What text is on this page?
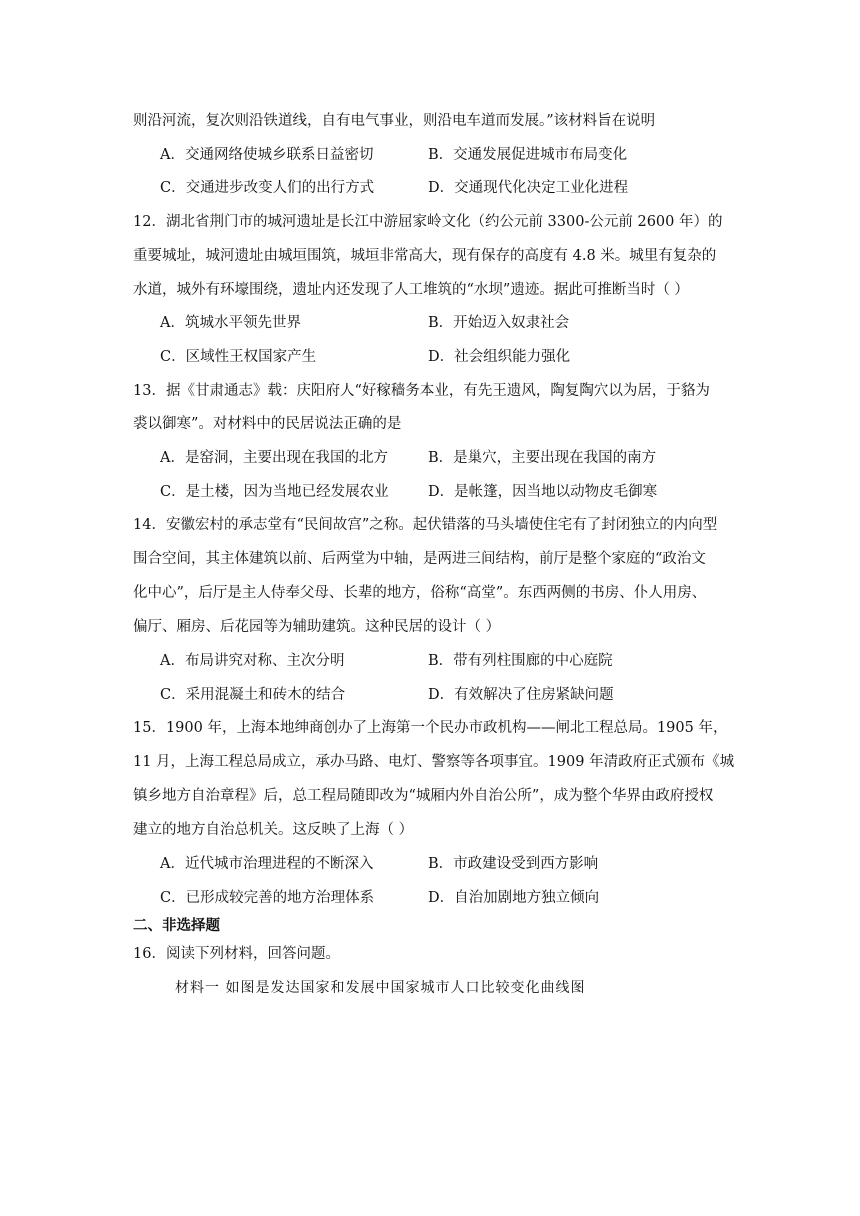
则沿河流，复次则沿铁道线，自有电气事业，则沿电车道而发展。”该材料旨在说明
A．交通网络使城乡联系日益密切	B．交通发展促进城市布局变化
C．交通进步改变人们的出行方式	D．交通现代化决定工业化进程
12．湖北省荆门市的城河遗址是长江中游屈家岭文化（约公元前 3300-公元前 2600 年）的
重要城址，城河遗址由城垣围筑，城垣非常高大，现有保存的高度有 4.8 米。城里有复杂的
水道，城外有环壕围绕，遗址内还发现了人工堆筑的“水坝”遗迹。据此可推断当时（ ）
A．筑城水平领先世界	B．开始迈入奴隶社会
C．区域性王权国家产生	D．社会组织能力强化
13．据《甘肃通志》载：庆阳府人“好稼穑务本业，有先王遗风，陶复陶穴以为居，于貉为
裘以御寒”。对材料中的民居说法正确的是
A．是窑洞，主要出现在我国的北方	B．是巢穴，主要出现在我国的南方
C．是土楼，因为当地已经发展农业	D．是帐篷，因当地以动物皮毛御寒
14．安徽宏村的承志堂有“民间故宫”之称。起伏错落的马头墙使住宅有了封闭独立的内向型
围合空间，其主体建筑以前、后两堂为中轴，是两进三间结构，前厅是整个家庭的“政治文
化中心”，后厅是主人侍奉父母、长辈的地方，俗称“高堂”。东西两侧的书房、仆人用房、
偏厅、厢房、后花园等为辅助建筑。这种民居的设计（ ）
A．布局讲究对称、主次分明	B．带有列柱围廊的中心庭院
C．采用混凝土和砖木的结合	D．有效解决了住房紧缺问题
15．1900 年，上海本地绅商创办了上海第一个民办市政机构——闸北工程总局。1905 年，
11 月，上海工程总局成立，承办马路、电灯、警察等各项事宜。1909 年清政府正式颁布《城
镇乡地方自治章程》后，总工程局随即改为“城厢内外自治公所”，成为整个华界由政府授权
建立的地方自治总机关。这反映了上海（ ）
A．近代城市治理进程的不断深入	B．市政建设受到西方影响
C．已形成较完善的地方治理体系	D．自治加剧地方独立倾向
二、非选择题
16．阅读下列材料，回答问题。
材料一 如图是发达国家和发展中国家城市人口比较变化曲线图
